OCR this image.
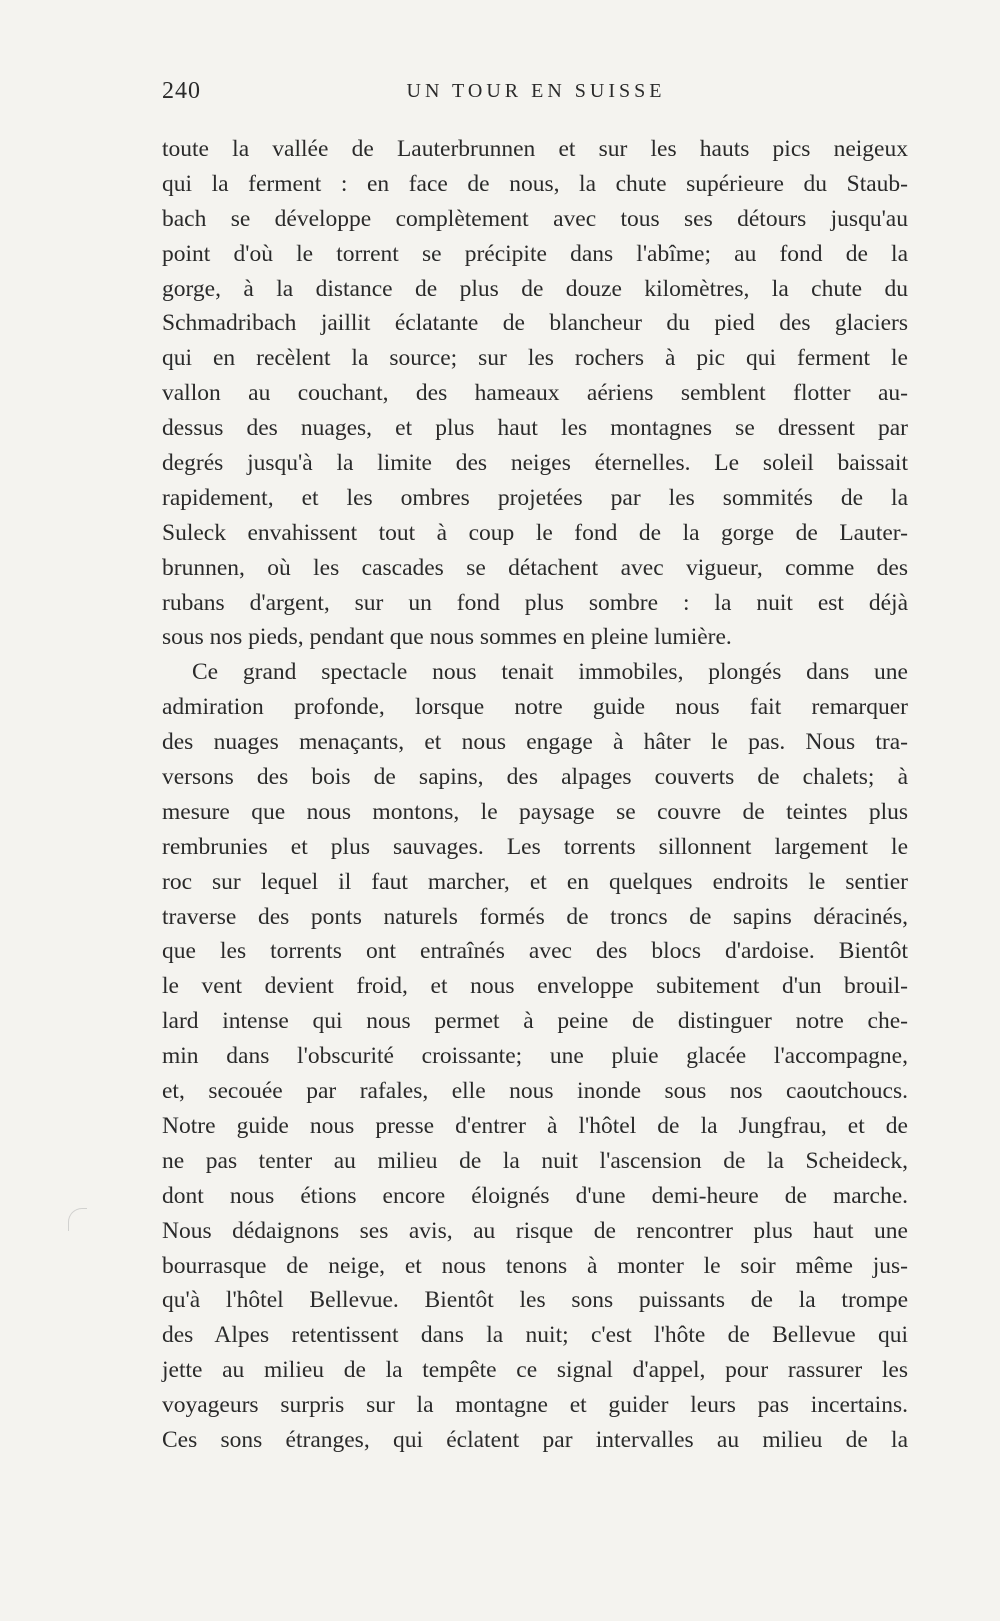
240	UN TOUR EN SUISSE
toute la vallée de Lauterbrunnen et sur les hauts pics neigeux
qui la ferment : en face de nous, la chute supérieure du Staub-
bach se développe complètement avec tous ses détours jusqu'au
point d'où le torrent se précipite dans l'abîme; au fond de la
gorge, à la distance de plus de douze kilomètres, la chute du
Schmadribach jaillit éclatante de blancheur du pied des glaciers
qui en recèlent la source; sur les rochers à pic qui ferment le
vallon au couchant, des hameaux aériens semblent flotter au-
dessus des nuages, et plus haut les montagnes se dressent par
degrés jusqu'à la limite des neiges éternelles. Le soleil baissait
rapidement, et les ombres projetées par les sommités de la
Suleck envahissent tout à coup le fond de la gorge de Lauter-
brunnen, où les cascades se détachent avec vigueur, comme des
rubans d'argent, sur un fond plus sombre : la nuit est déjà
sous nos pieds, pendant que nous sommes en pleine lumière.
Ce grand spectacle nous tenait immobiles, plongés dans une
admiration profonde, lorsque notre guide nous fait remarquer
des nuages menaçants, et nous engage à hâter le pas. Nous tra-
versons des bois de sapins, des alpages couverts de chalets; à
mesure que nous montons, le paysage se couvre de teintes plus
rembrunies et plus sauvages. Les torrents sillonnent largement le
roc sur lequel il faut marcher, et en quelques endroits le sentier
traverse des ponts naturels formés de troncs de sapins déracinés,
que les torrents ont entraînés avec des blocs d'ardoise. Bientôt
le vent devient froid, et nous enveloppe subitement d'un brouil-
lard intense qui nous permet à peine de distinguer notre che-
min dans l'obscurité croissante; une pluie glacée l'accompagne,
et, secouée par rafales, elle nous inonde sous nos caoutchoucs.
Notre guide nous presse d'entrer à l'hôtel de la Jungfrau, et de
ne pas tenter au milieu de la nuit l'ascension de la Scheideck,
dont nous étions encore éloignés d'une demi-heure de marche.
Nous dédaignons ses avis, au risque de rencontrer plus haut une
bourrasque de neige, et nous tenons à monter le soir même jus-
qu'à l'hôtel Bellevue. Bientôt les sons puissants de la trompe
des Alpes retentissent dans la nuit; c'est l'hôte de Bellevue qui
jette au milieu de la tempête ce signal d'appel, pour rassurer les
voyageurs surpris sur la montagne et guider leurs pas incertains.
Ces sons étranges, qui éclatent par intervalles au milieu de la
